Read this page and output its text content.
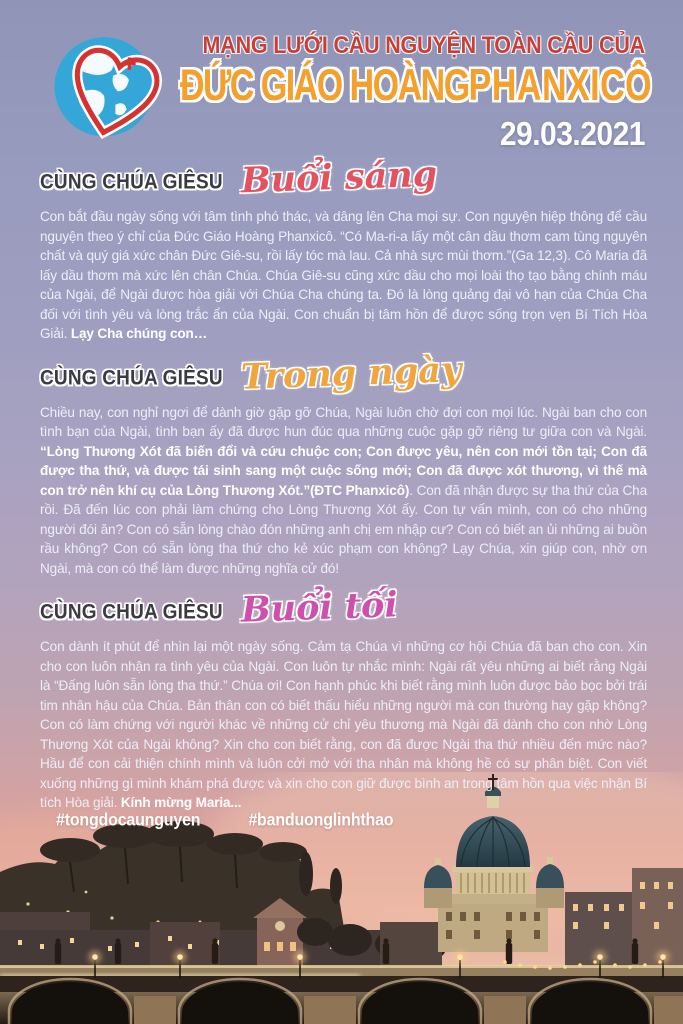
MẠNG LƯỚI CẦU NGUYỆN TOÀN CẦU CỦA
ĐỨC GIÁO HOÀNGPHANXICÔ
29.03.2021
CÙNG CHÚA GIÊSU Buổi sáng

Con bắt đầu ngày sống với tâm tình phó thác, và dâng lên Cha mọi sự. Con nguyện hiệp thông để cầu nguyện theo ý chỉ của Đức Giáo Hoàng Phanxicô. “Có Ma-ri-a lấy một cân dầu thơm cam tùng nguyên chất và quý giá xức chân Đức Giê-su, rồi lấy tóc mà lau. Cả nhà sực mùi thơm.”(Ga 12,3). Cô Maria đã lấy dầu thơm mà xức lên chân Chúa. Chúa Giê-su cũng xức dầu cho mọi loài thọ tạo bằng chính máu của Ngài, để Ngài được hòa giải với Chúa Cha chúng ta. Đó là lòng quảng đại vô hạn của Chúa Cha đối với tình yêu và lòng trắc ẩn của Ngài. Con chuẩn bị tâm hồn để được sống trọn vẹn Bí Tích Hòa Giải. Lạy Cha chúng con…

CÙNG CHÚA GIÊSU Trong ngày

Chiều nay, con nghỉ ngơi để dành giờ gặp gỡ Chúa, Ngài luôn chờ đợi con mọi lúc. Ngài ban cho con tình bạn của Ngài, tình bạn ấy đã được hun đúc qua những cuộc gặp gỡ riêng tư giữa con và Ngài. “Lòng Thương Xót đã biến đổi và cứu chuộc con; Con được yêu, nên con mới tồn tại; Con đã được tha thứ, và được tái sinh sang một cuộc sống mới; Con đã được xót thương, vì thế mà con trở nên khí cụ của Lòng Thương Xót.”(ĐTC Phanxicô). Con đã nhận được sự tha thứ của Cha rồi. Đã đến lúc con phải làm chứng cho Lòng Thương Xót ấy. Con tự vấn mình, con có cho những người đói ăn? Con có sẵn lòng chào đón những anh chị em nhập cư? Con có biết an ủi những ai buồn rầu không? Con có sẵn lòng tha thứ cho kẻ xúc phạm con không? Lạy Chúa, xin giúp con, nhờ ơn Ngài, mà con có thể làm được những nghĩa cử đó!

CÙNG CHÚA GIÊSU Buổi tối

Con dành ít phút để nhìn lại một ngày sống. Cảm tạ Chúa vì những cơ hội Chúa đã ban cho con. Xin cho con luôn nhận ra tình yêu của Ngài. Con luôn tự nhắc mình: Ngài rất yêu những ai biết rằng Ngài là “Đấng luôn sẵn lòng tha thứ.” Chúa ơi! Con hạnh phúc khi biết rằng mình luôn được bảo bọc bởi trái tim nhân hậu của Chúa. Bản thân con có biết thấu hiểu những người mà con thường hay gặp không? Con có làm chứng với người khác về những cử chỉ yêu thương mà Ngài đã dành cho con nhờ Lòng Thương Xót của Ngài không? Xin cho con biết rằng, con đã được Ngài tha thứ nhiều đến mức nào? Hầu để con cải thiện chính mình và luôn cởi mở với tha nhân mà không hề có sự phân biệt. Con viết xuống những gì mình khám phá được và xin cho con giữ được bình an trong tâm hồn qua việc nhận Bí tích Hòa giải. Kính mừng Maria...

#tongdocaunguyen	#banduonglinhthao
